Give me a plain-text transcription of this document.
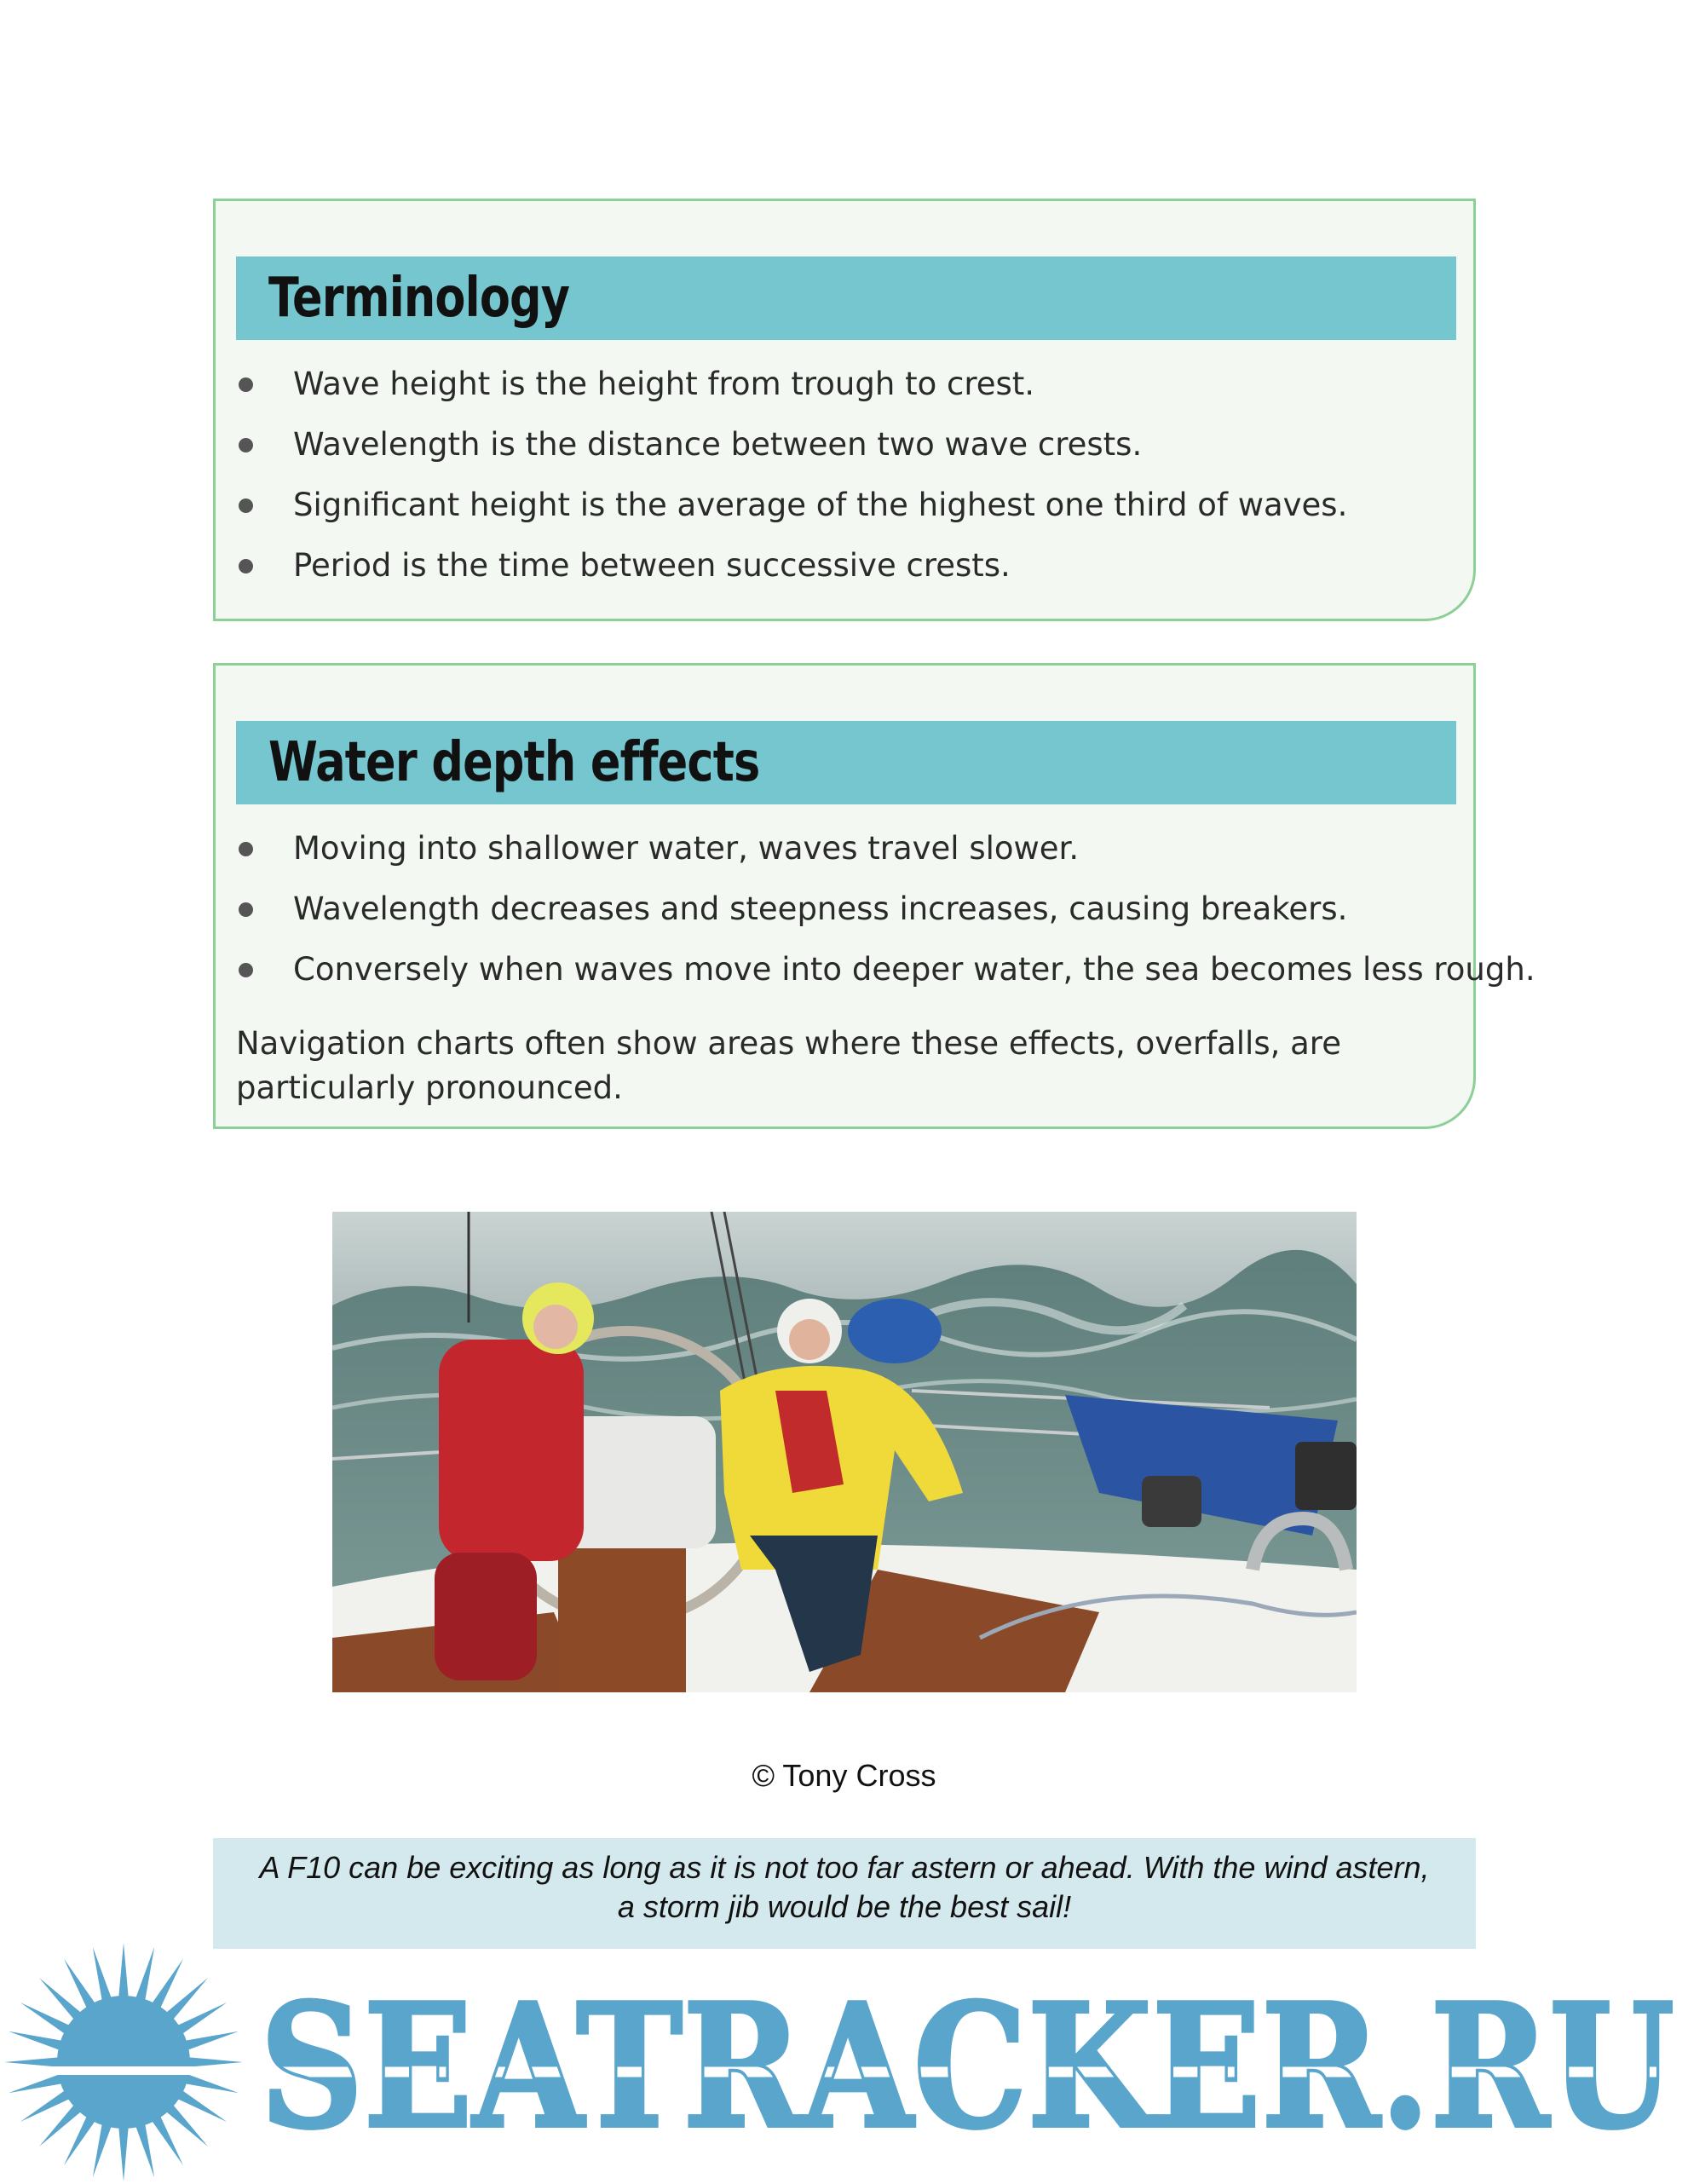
Terminology
Wave height is the height from trough to crest.
Wavelength is the distance between two wave crests.
Significant height is the average of the highest one third of waves.
Period is the time between successive crests.
Water depth effects
Moving into shallower water, waves travel slower.
Wavelength decreases and steepness increases, causing breakers.
Conversely when waves move into deeper water, the sea becomes less rough.

Navigation charts often show areas where these effects, overfalls, are particularly pronounced.

© Tony Cross

A F10 can be exciting as long as it is not too far astern or ahead. With the wind astern, a storm jib would be the best sail!

SEATRACKER.RU
